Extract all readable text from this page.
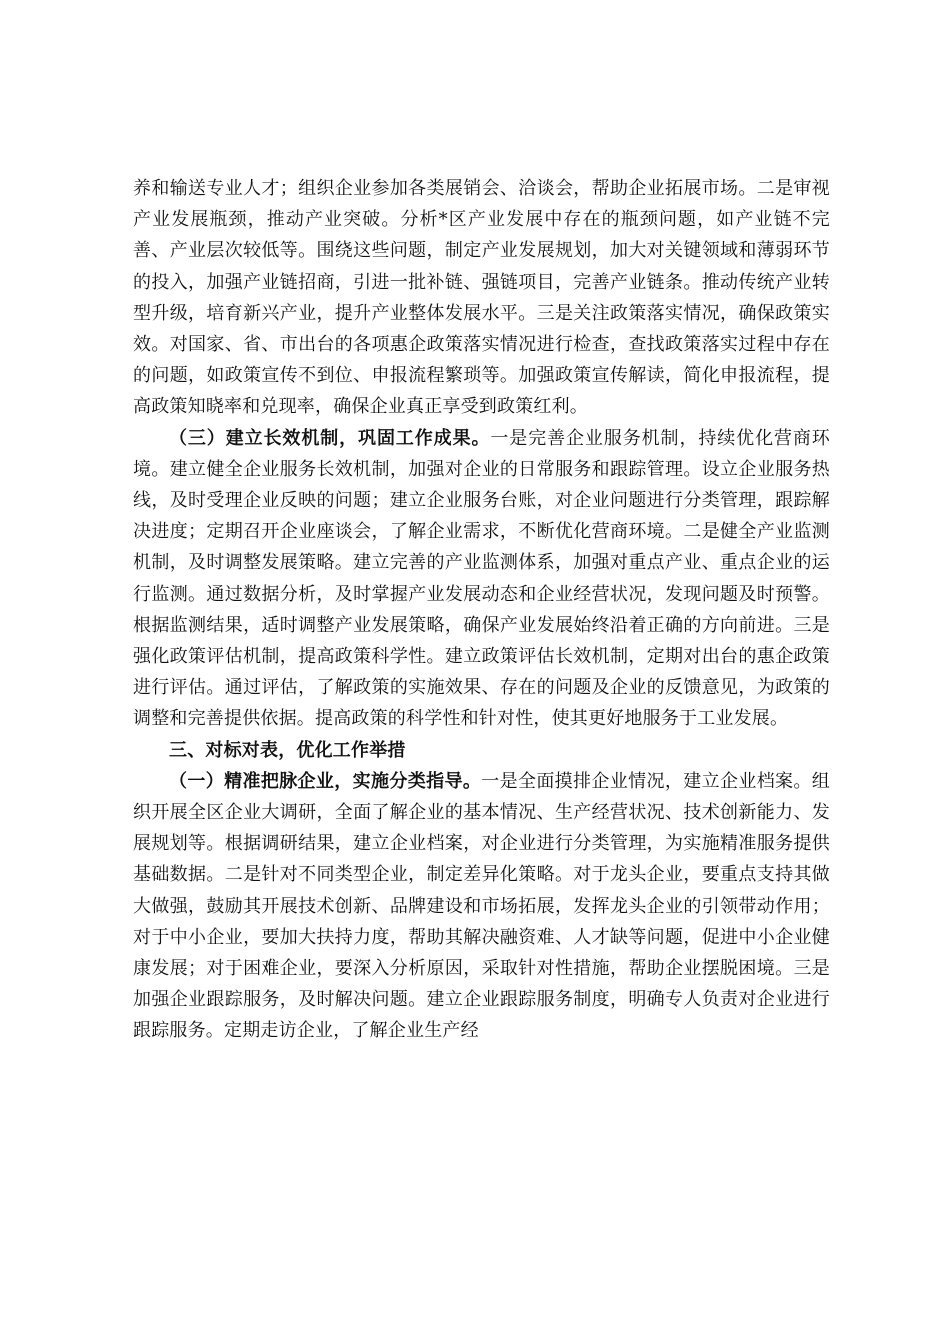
养和输送专业人才；组织企业参加各类展销会、洽谈会，帮助企业拓展市场。二是审视产业发展瓶颈，推动产业突破。分析*区产业发展中存在的瓶颈问题，如产业链不完善、产业层次较低等。围绕这些问题，制定产业发展规划，加大对关键领域和薄弱环节的投入，加强产业链招商，引进一批补链、强链项目，完善产业链条。推动传统产业转型升级，培育新兴产业，提升产业整体发展水平。三是关注政策落实情况，确保政策实效。对国家、省、市出台的各项惠企政策落实情况进行检查，查找政策落实过程中存在的问题，如政策宣传不到位、申报流程繁琐等。加强政策宣传解读，简化申报流程，提高政策知晓率和兑现率，确保企业真正享受到政策红利。

（三）建立长效机制，巩固工作成果。一是完善企业服务机制，持续优化营商环境。建立健全企业服务长效机制，加强对企业的日常服务和跟踪管理。设立企业服务热线，及时受理企业反映的问题；建立企业服务台账，对企业问题进行分类管理，跟踪解决进度；定期召开企业座谈会，了解企业需求，不断优化营商环境。二是健全产业监测机制，及时调整发展策略。建立完善的产业监测体系，加强对重点产业、重点企业的运行监测。通过数据分析，及时掌握产业发展动态和企业经营状况，发现问题及时预警。根据监测结果，适时调整产业发展策略，确保产业发展始终沿着正确的方向前进。三是强化政策评估机制，提高政策科学性。建立政策评估长效机制，定期对出台的惠企政策进行评估。通过评估，了解政策的实施效果、存在的问题及企业的反馈意见，为政策的调整和完善提供依据。提高政策的科学性和针对性，使其更好地服务于工业发展。

三、对标对表，优化工作举措

（一）精准把脉企业，实施分类指导。一是全面摸排企业情况，建立企业档案。组织开展全区企业大调研，全面了解企业的基本情况、生产经营状况、技术创新能力、发展规划等。根据调研结果，建立企业档案，对企业进行分类管理，为实施精准服务提供基础数据。二是针对不同类型企业，制定差异化策略。对于龙头企业，要重点支持其做大做强，鼓励其开展技术创新、品牌建设和市场拓展，发挥龙头企业的引领带动作用；对于中小企业，要加大扶持力度，帮助其解决融资难、人才缺等问题，促进中小企业健康发展；对于困难企业，要深入分析原因，采取针对性措施，帮助企业摆脱困境。三是加强企业跟踪服务，及时解决问题。建立企业跟踪服务制度，明确专人负责对企业进行跟踪服务。定期走访企业，了解企业生产经
